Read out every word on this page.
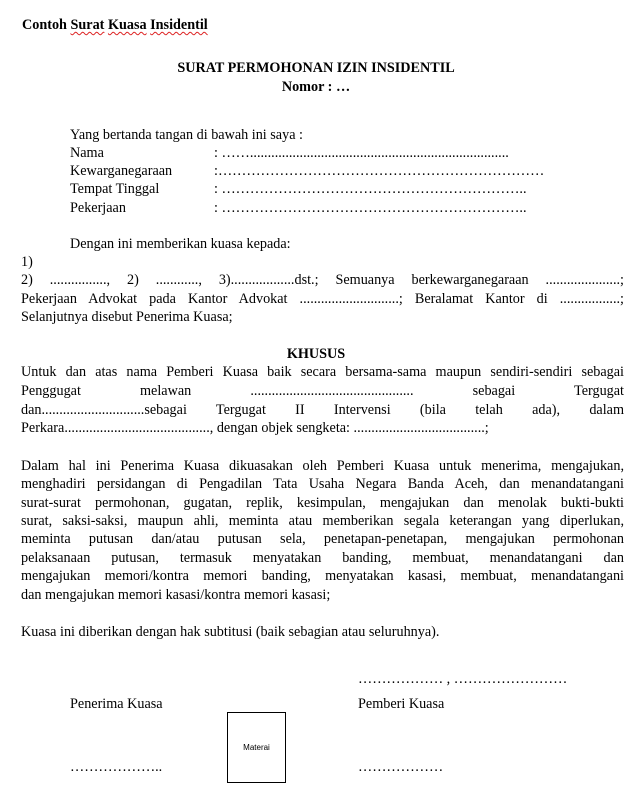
Contoh Surat Kuasa Insidentil
SURAT PERMOHONAN IZIN INSIDENTIL
Nomor : …
Yang bertanda tangan di bawah ini saya :
Nama	: …….........................................................................
Kewarganegaraan	:……………………………………………………………
Tempat Tinggal	: ………………………………………………………..
Pekerjaan	: ………………………………………………………..
Dengan ini memberikan kuasa kepada:
1)
2) ................, 2) ............, 3)..................dst.; Semuanya berkewarganegaraan .....................;
Pekerjaan Advokat pada Kantor Advokat ............................; Beralamat Kantor di .................;
Selanjutnya disebut Penerima Kuasa;
KHUSUS
Untuk dan atas nama Pemberi Kuasa baik secara bersama-sama maupun sendiri-sendiri sebagai
Penggugat melawan .............................................. sebagai Tergugat
dan.............................sebagai Tergugat II Intervensi (bila telah ada), dalam
Perkara........................................., dengan objek sengketa: .....................................;
Dalam hal ini Penerima Kuasa dikuasakan oleh Pemberi Kuasa untuk menerima, mengajukan,
menghadiri persidangan di Pengadilan Tata Usaha Negara Banda Aceh, dan menandatangani
surat-surat permohonan, gugatan, replik, kesimpulan, mengajukan dan menolak bukti-bukti
surat, saksi-saksi, maupun ahli, meminta atau memberikan segala keterangan yang diperlukan,
meminta putusan dan/atau putusan sela, penetapan-penetapan, mengajukan permohonan
pelaksanaan putusan, termasuk menyatakan banding, membuat, menandatangani dan
mengajukan memori/kontra memori banding, menyatakan kasasi, membuat, menandatangani
dan mengajukan memori kasasi/kontra memori kasasi;
Kuasa ini diberikan dengan hak subtitusi (baik sebagian atau seluruhnya).
……………… , ……………………
Penerima Kuasa	Pemberi Kuasa
Materai
………………..	………………
